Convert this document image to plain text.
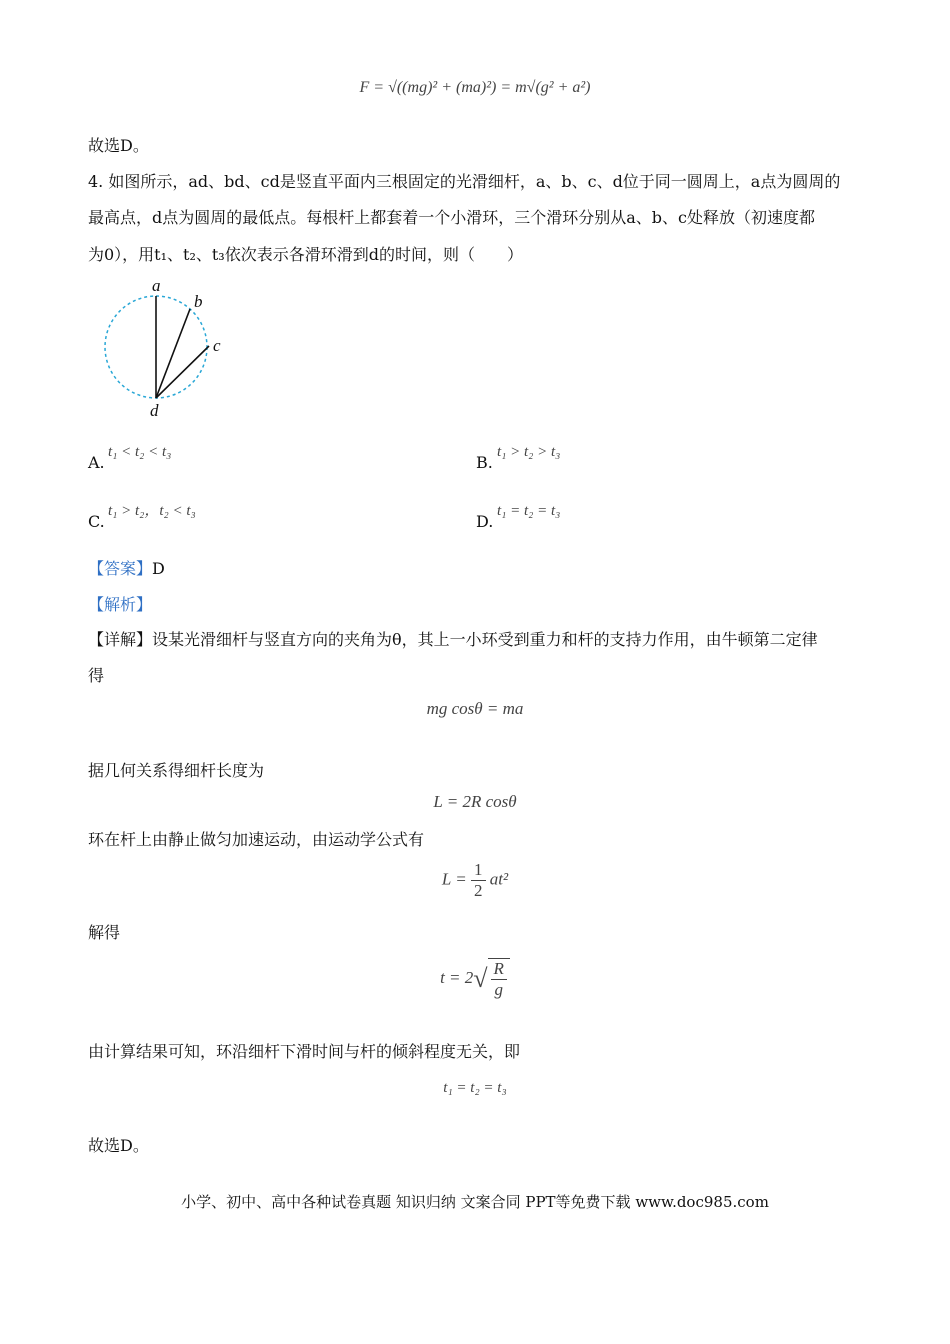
F = √((mg)² + (ma)²) = m√(g² + a²)
故选D。
4. 如图所示，ad、bd、cd是竖直平面内三根固定的光滑细杆，a、b、c、d位于同一圆周上，a点为圆周的
最高点，d点为圆周的最低点。每根杆上都套着一个小滑环，三个滑环分别从a、b、c处释放（初速度都
为0），用t₁、t₂、t₃依次表示各滑环滑到d的时间，则（　　）
a
b
c
d
A.
t₁ < t₂ < t₃
B.
t₁ > t₂ > t₃
C.
t₁ > t₂，t₂ < t₃
D.
t₁ = t₂ = t₃
【答案】D
【解析】
【详解】设某光滑细杆与竖直方向的夹角为θ，其上一小环受到重力和杆的支持力作用，由牛顿第二定律
得
mg cosθ = ma
据几何关系得细杆长度为
L = 2R cosθ
环在杆上由静止做匀加速运动，由运动学公式有
$L = \frac{1}{2} at^2$
解得
$t = 2√ \frac{R}{g}$
由计算结果可知，环沿细杆下滑时间与杆的倾斜程度无关，即
t₁ = t₂ = t₃
故选D。
小学、初中、高中各种试卷真题 知识归纳 文案合同 PPT等免费下载 www.doc985.com
